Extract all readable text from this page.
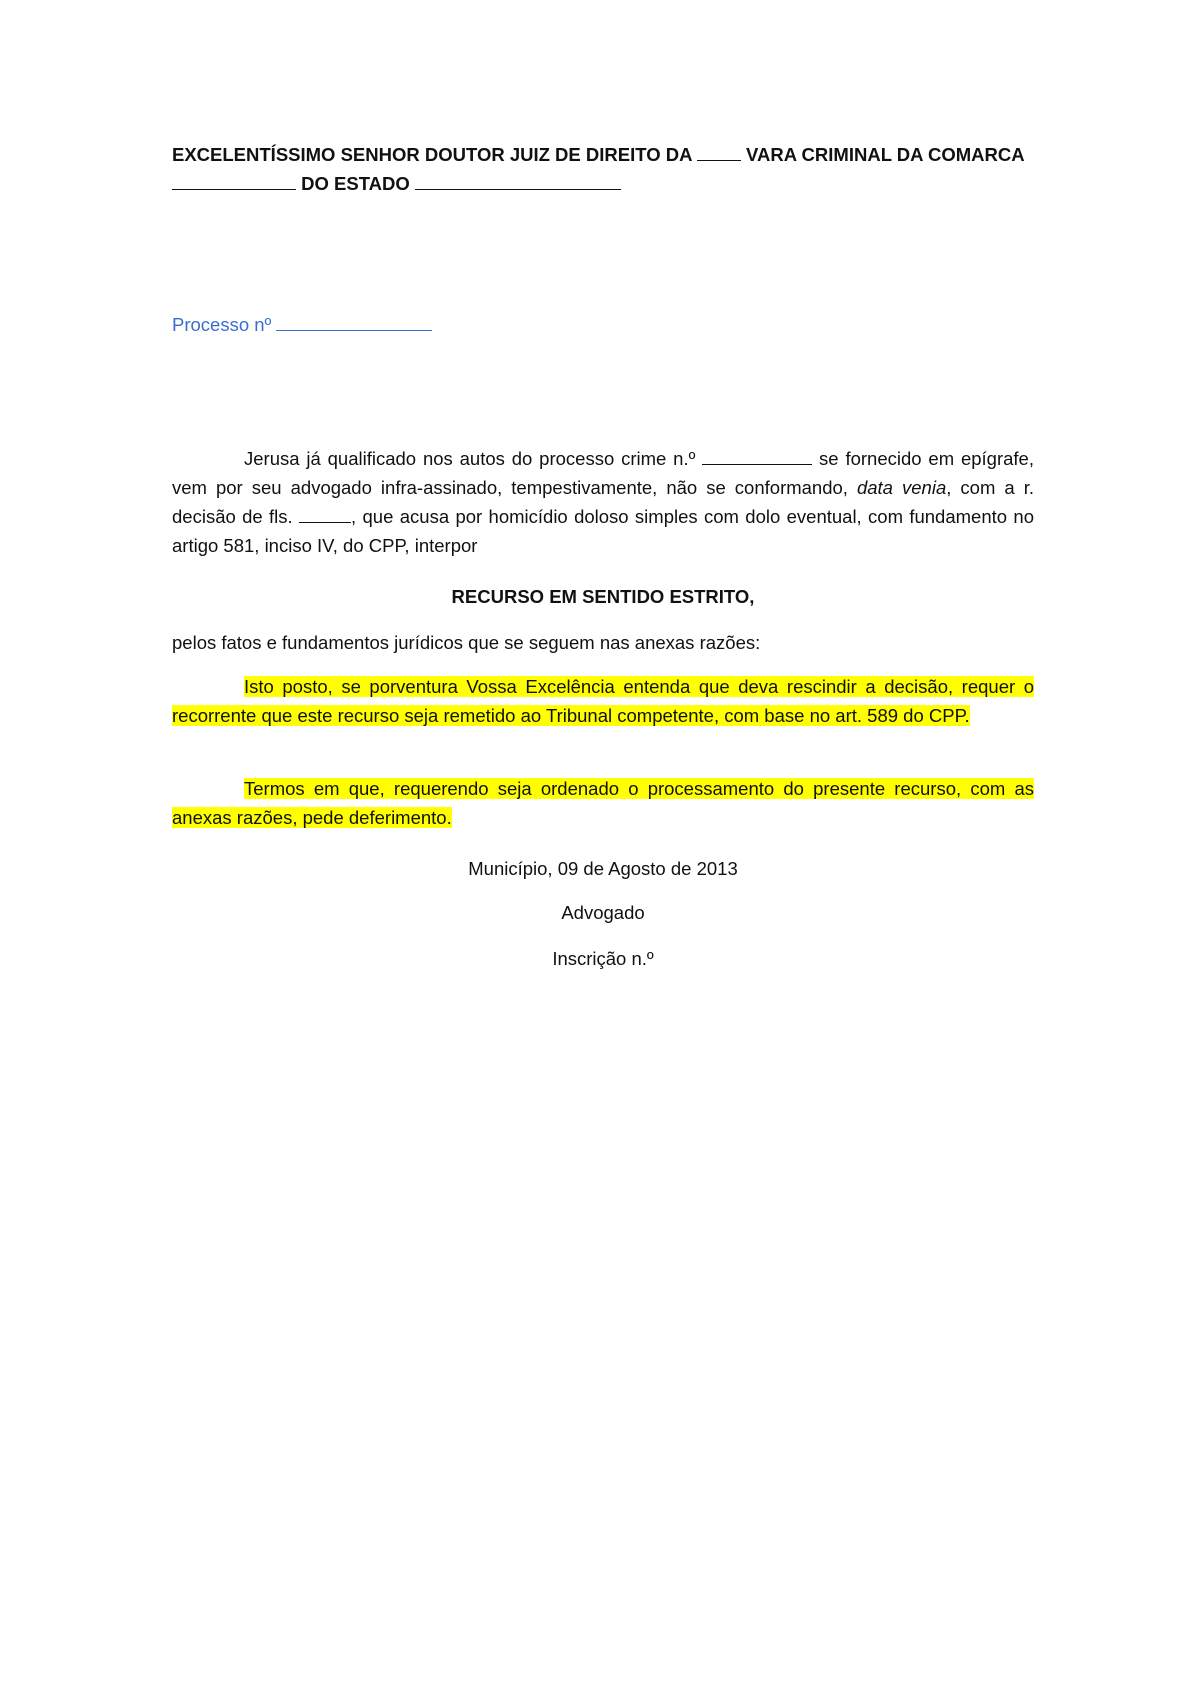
EXCELENTÍSSIMO SENHOR DOUTOR JUIZ DE DIREITO DA  VARA CRIMINAL DA COMARCA
DO ESTADO

Processo nº

Jerusa já qualificado nos autos do processo crime n.º	se fornecido em epígrafe, vem por seu advogado infra-assinado, tempestivamente, não se conformando, data venia, com a r. decisão de fls.	, que acusa por homicídio doloso simples com dolo eventual, com fundamento no artigo 581, inciso IV, do CPP, interpor

RECURSO EM SENTIDO ESTRITO,

pelos fatos e fundamentos jurídicos que se seguem nas anexas razões:

Isto posto, se porventura Vossa Excelência entenda que deva rescindir a decisão, requer o recorrente que este recurso seja remetido ao Tribunal competente, com base no art. 589 do CPP.

Termos em que, requerendo seja ordenado o processamento do presente recurso, com as anexas razões, pede deferimento.

Município, 09 de Agosto de 2013

Advogado

Inscrição n.º
